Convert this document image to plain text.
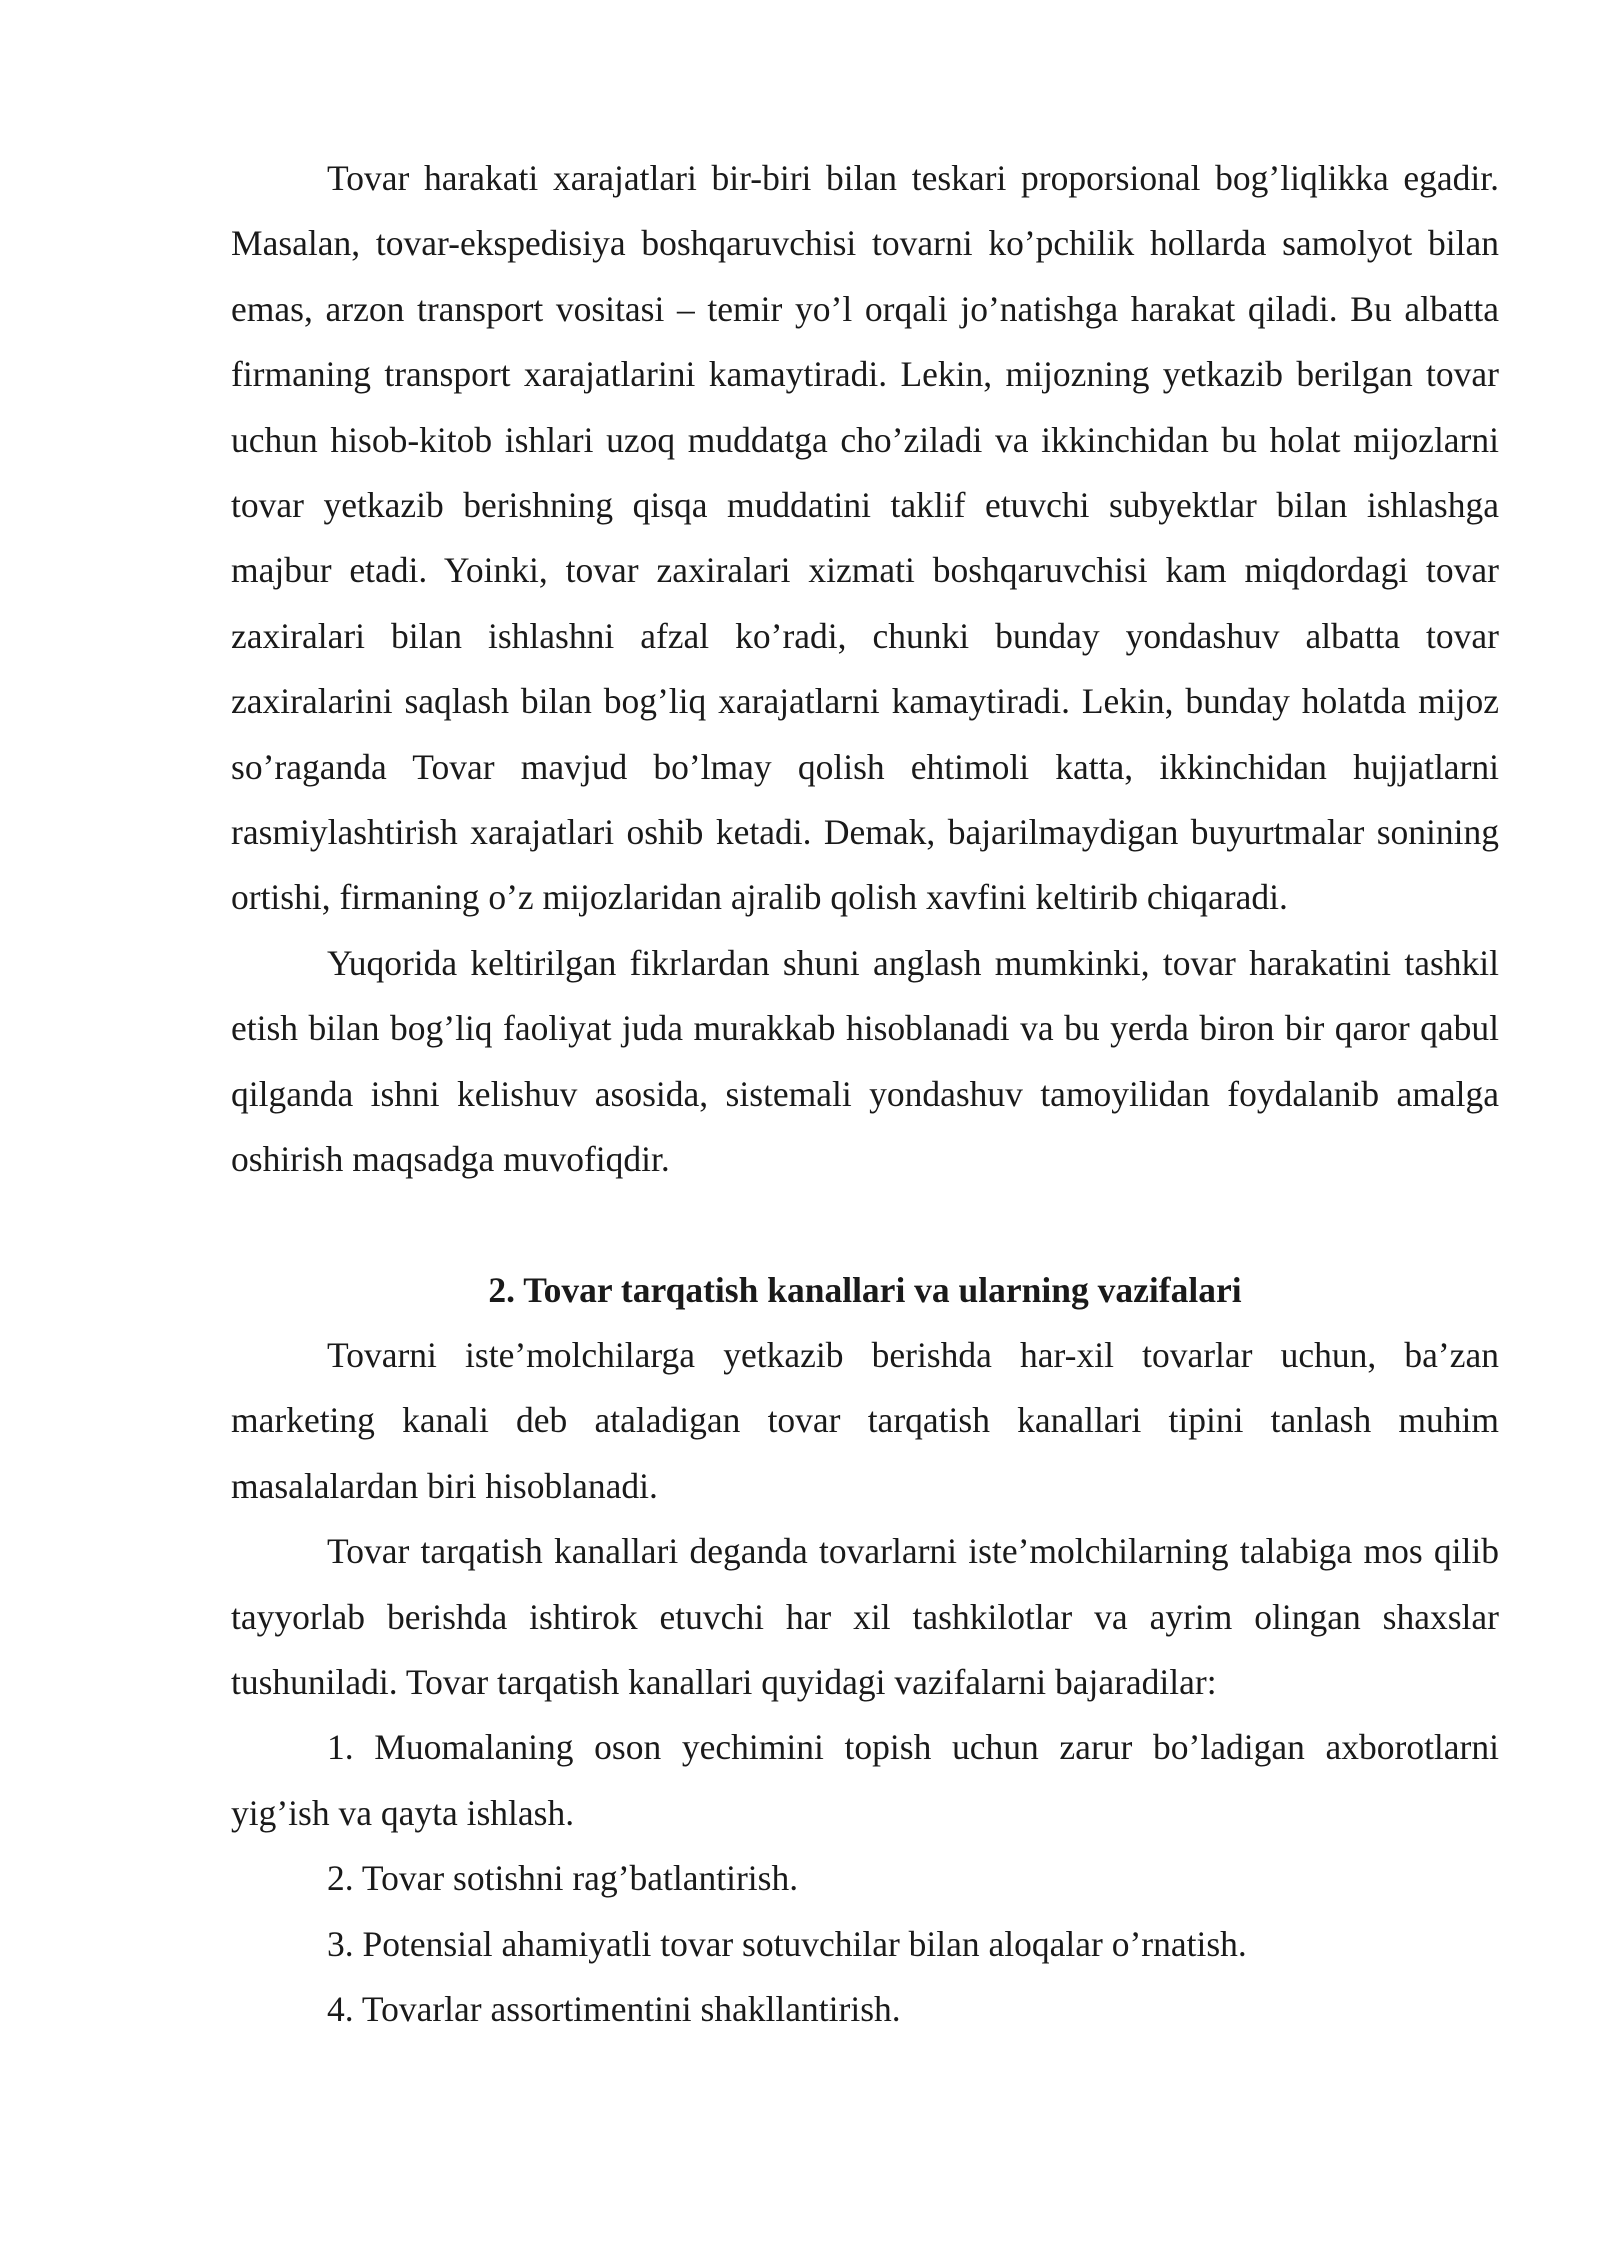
Tovar harakati xarajatlari bir-biri bilan teskari proporsional bog’liqlikka egadir. Masalan, tovar-ekspedisiya boshqaruvchisi tovarni ko’pchilik hollarda samolyot bilan emas, arzon transport vositasi – temir yo’l orqali jo’natishga harakat qiladi. Bu albatta firmaning transport xarajatlarini kamaytiradi. Lekin, mijozning yetkazib berilgan tovar uchun hisob-kitob ishlari uzoq muddatga cho’ziladi va ikkinchidan bu holat mijozlarni tovar yetkazib berishning qisqa muddatini taklif etuvchi subyektlar bilan ishlashga majbur etadi. Yoinki, tovar zaxiralari xizmati boshqaruvchisi kam miqdordagi tovar zaxiralari bilan ishlashni afzal ko’radi, chunki bunday yondashuv albatta tovar zaxiralarini saqlash bilan bog’liq xarajatlarni kamaytiradi. Lekin, bunday holatda mijoz so’raganda Tovar mavjud bo’lmay qolish ehtimoli katta, ikkinchidan hujjatlarni rasmiylashtirish xarajatlari oshib ketadi. Demak, bajarilmaydigan buyurtmalar sonining ortishi, firmaning o’z mijozlaridan ajralib qolish xavfini keltirib chiqaradi.

Yuqorida keltirilgan fikrlardan shuni anglash mumkinki, tovar harakatini tashkil etish bilan bog’liq faoliyat juda murakkab hisoblanadi va bu yerda biron bir qaror qabul qilganda ishni kelishuv asosida, sistemali yondashuv tamoyilidan foydalanib amalga oshirish maqsadga muvofiqdir.

2. Tovar tarqatish kanallari va ularning vazifalari

Tovarni iste’molchilarga yetkazib berishda har-xil tovarlar uchun, ba’zan marketing kanali deb ataladigan tovar tarqatish kanallari tipini tanlash muhim masalalardan biri hisoblanadi.

Tovar tarqatish kanallari deganda tovarlarni iste’molchilarning talabiga mos qilib tayyorlab berishda ishtirok etuvchi har xil tashkilotlar va ayrim olingan shaxslar tushuniladi. Tovar tarqatish kanallari quyidagi vazifalarni bajaradilar:

1. Muomalaning oson yechimini topish uchun zarur bo’ladigan axborotlarni yig’ish va qayta ishlash.

2. Tovar sotishni rag’batlantirish.

3. Potensial ahamiyatli tovar sotuvchilar bilan aloqalar o’rnatish.

4. Tovarlar assortimentini shakllantirish.
